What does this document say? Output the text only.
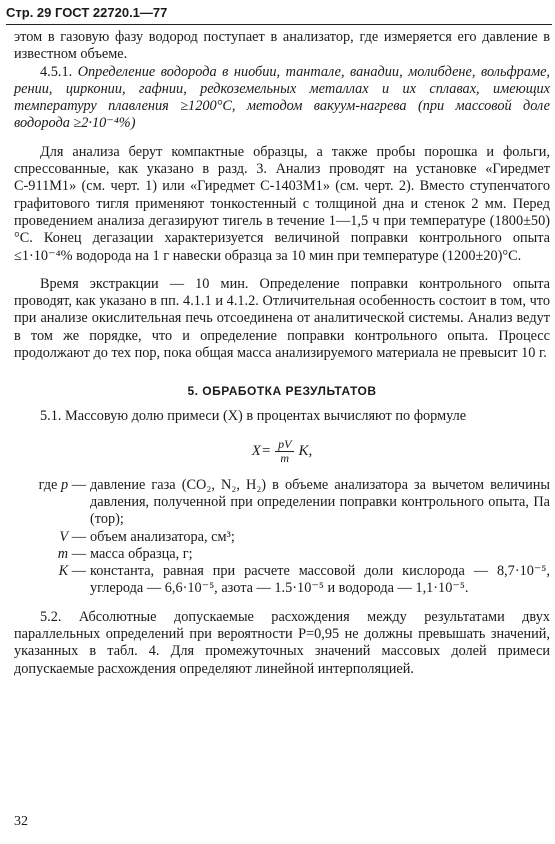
Стр. 29 ГОСТ 22720.1—77

этом в газовую фазу водород поступает в анализатор, где измеряется его давление в известном объеме.

4.5.1. Определение водорода в ниобии, тантале, ванадии, молибдене, вольфраме, рении, цирконии, гафнии, редкоземельных металлах и их сплавах, имеющих температуру плавления ≥1200°С, методом вакуум-нагрева (при массовой доле водорода ≥2·10⁻⁴%)

Для анализа берут компактные образцы, а также пробы порошка и фольги, спрессованные, как указано в разд. 3. Анализ проводят на установке «Гиредмет С-911М1» (см. черт. 1) или «Гиредмет С-1403М1» (см. черт. 2). Вместо ступенчатого графитового тигля применяют тонкостенный с толщиной дна и стенок 2 мм. Перед проведением анализа дегазируют тигель в течение 1—1,5 ч при температуре (1800±50)°С. Конец дегазации характеризуется величиной поправки контрольного опыта ≤1·10⁻⁴% водорода на 1 г навески образца за 10 мин при температуре (1200±20)°С.

Время экстракции — 10 мин. Определение поправки контрольного опыта проводят, как указано в пп. 4.1.1 и 4.1.2. Отличительная особенность состоит в том, что при анализе окислительная печь отсоединена от аналитической системы. Анализ ведут в том же порядке, что и определение поправки контрольного опыта. Процесс продолжают до тех пор, пока общая масса анализируемого материала не превысит 10 г.

5. ОБРАБОТКА РЕЗУЛЬТАТОВ

5.1. Массовую долю примеси (X) в процентах вычисляют по формуле

$X= \frac{pV}{m} K$,
где
p — давление газа (CO₂, N₂, H₂) в объеме анализатора за вычетом величины давления, полученной при определении поправки контрольного опыта, Па (тор);
V — объем анализатора, см³;
m — масса образца, г;
K — константа, равная при расчете массовой доли кислорода — 8,7·10⁻⁵, углерода — 6,6·10⁻⁵, азота — 1.5·10⁻⁵ и водорода — 1,1·10⁻⁵.

5.2. Абсолютные допускаемые расхождения между результатами двух параллельных определений при вероятности P=0,95 не должны превышать значений, указанных в табл. 4. Для промежуточных значений массовых долей примеси допускаемые расхождения определяют линейной интерполяцией.

32
